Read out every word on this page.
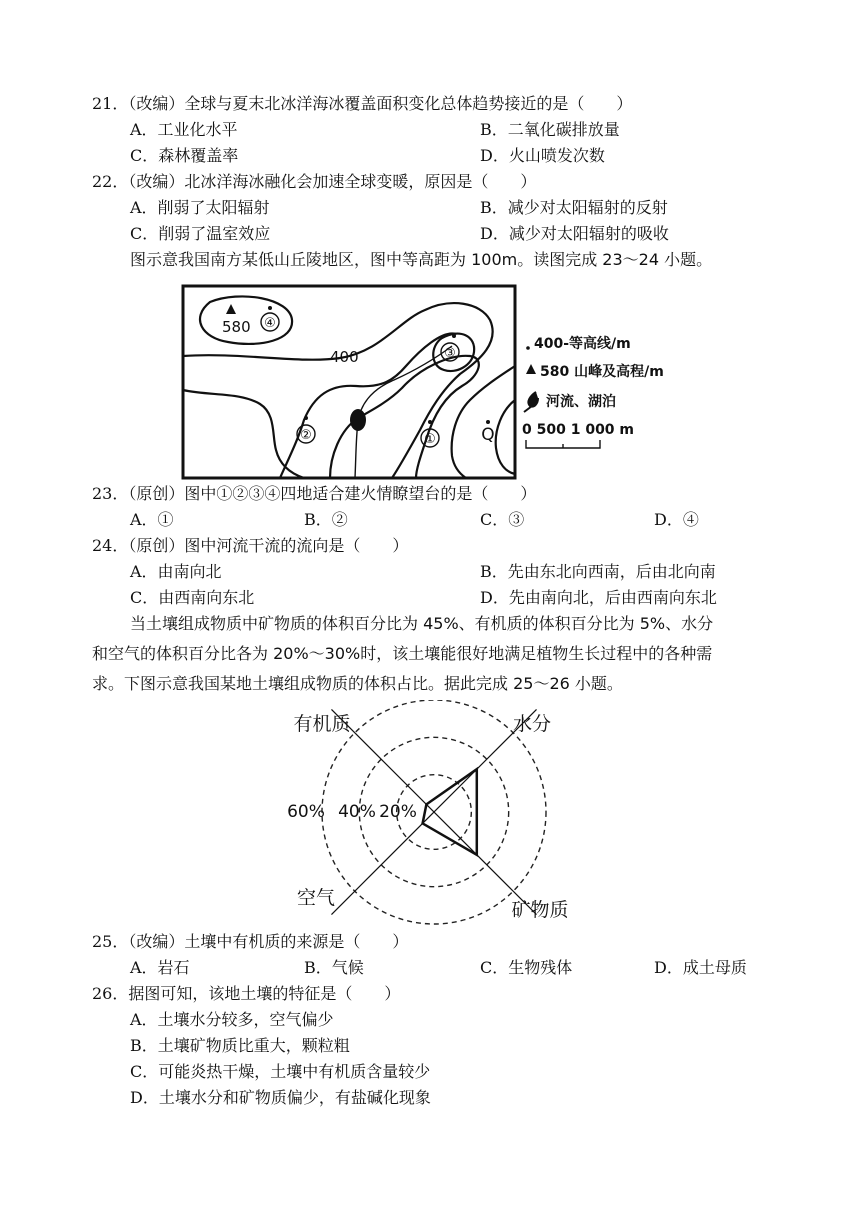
21．（改编）全球与夏末北冰洋海冰覆盖面积变化总体趋势接近的是（　　）
A．工业化水平	B．二氧化碳排放量
C．森林覆盖率	D．火山喷发次数
22．（改编）北冰洋海冰融化会加速全球变暖，原因是（　　）
A．削弱了太阳辐射	B．减少对太阳辐射的反射
C．削弱了温室效应	D．减少对太阳辐射的吸收
图示意我国南方某低山丘陵地区，图中等高距为 100m。读图完成 23～24 小题。
580
400
④
③
②	①	Q
400-等高线/m
580 山峰及高程/m
河流、湖泊
0 500 1 000 m
23．（原创）图中①②③④四地适合建火情瞭望台的是（　　）
A．①	B．②	C．③	D．④
24．（原创）图中河流干流的流向是（　　）
A．由南向北	B．先由东北向西南，后由北向南
C．由西南向东北	D．先由南向北，后由西南向东北
当土壤组成物质中矿物质的体积百分比为 45%、有机质的体积百分比为 5%、水分
和空气的体积百分比各为 20%～30%时，该土壤能很好地满足植物生长过程中的各种需
求。下图示意我国某地土壤组成物质的体积占比。据此完成 25～26 小题。
有机质	水分
空气
矿物质
60% 40% 20%
25．（改编）土壤中有机质的来源是（　　）
A．岩石	B．气候	C．生物残体	D．成土母质
26．据图可知，该地土壤的特征是（　　）
A．土壤水分较多，空气偏少
B．土壤矿物质比重大，颗粒粗
C．可能炎热干燥，土壤中有机质含量较少
D．土壤水分和矿物质偏少，有盐碱化现象
